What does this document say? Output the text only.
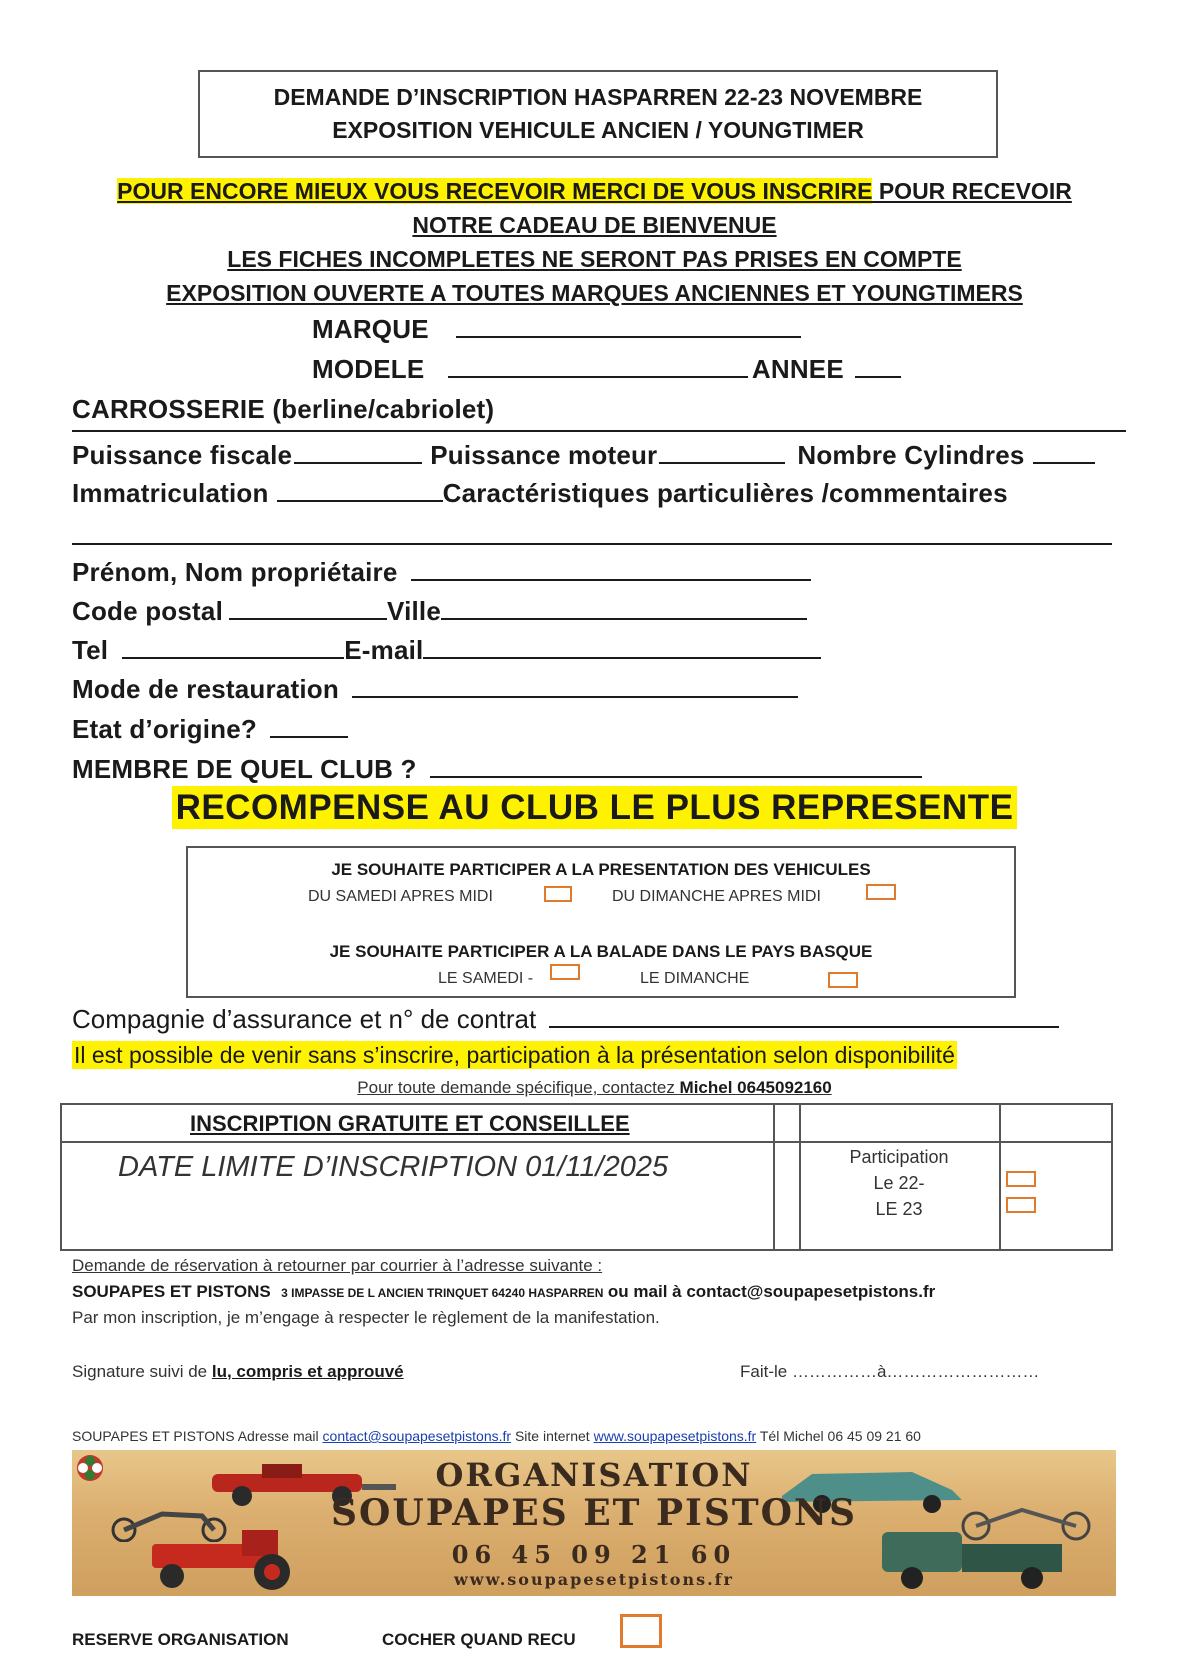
DEMANDE D’INSCRIPTION HASPARREN 22-23 NOVEMBRE
EXPOSITION VEHICULE ANCIEN / YOUNGTIMER
POUR ENCORE MIEUX VOUS RECEVOIR MERCI DE VOUS INSCRIRE POUR RECEVOIR
NOTRE CADEAU DE BIENVENUE
LES FICHES INCOMPLETES NE SERONT PAS PRISES EN COMPTE
EXPOSITION OUVERTE A TOUTES MARQUES ANCIENNES ET YOUNGTIMERS
MARQUE
MODELE	ANNEE
CARROSSERIE (berline/cabriolet)
Puissance fiscale	Puissance moteur	Nombre Cylindres
Immatriculation	Caractéristiques particulières /commentaires
Prénom, Nom propriétaire
Code postal	Ville
Tel	E-mail
Mode de restauration
Etat d’origine?
MEMBRE DE QUEL CLUB ?
RECOMPENSE AU CLUB LE PLUS REPRESENTE
JE SOUHAITE PARTICIPER A LA PRESENTATION DES VEHICULES
DU SAMEDI APRES MIDI	DU DIMANCHE APRES MIDI
JE SOUHAITE PARTICIPER A LA BALADE DANS LE PAYS BASQUE
LE SAMEDI -	LE DIMANCHE
Compagnie d’assurance et n° de contrat
Il est possible de venir sans s’inscrire, participation à la présentation selon disponibilité
Pour toute demande spécifique, contactez Michel 0645092160
INSCRIPTION GRATUITE ET CONSEILLEE
DATE LIMITE D’INSCRIPTION 01/11/2025	Participation
Le 22-
LE 23
Demande de réservation à retourner par courrier à l’adresse suivante :
SOUPAPES ET PISTONS 3 IMPASSE DE L ANCIEN TRINQUET 64240 HASPARREN ou mail à contact@soupapesetpistons.fr
Par mon inscription, je m’engage à respecter le règlement de la manifestation.
Signature suivi de lu, compris et approuvé	Fait-le ……………à………………………
SOUPAPES ET PISTONS Adresse mail contact@soupapesetpistons.fr Site internet www.soupapesetpistons.fr Tél Michel 06 45 09 21 60
ORGANISATION
SOUPAPES ET PISTONS
06 45 09 21 60
www.soupapesetpistons.fr
RESERVE ORGANISATION	COCHER QUAND RECU
